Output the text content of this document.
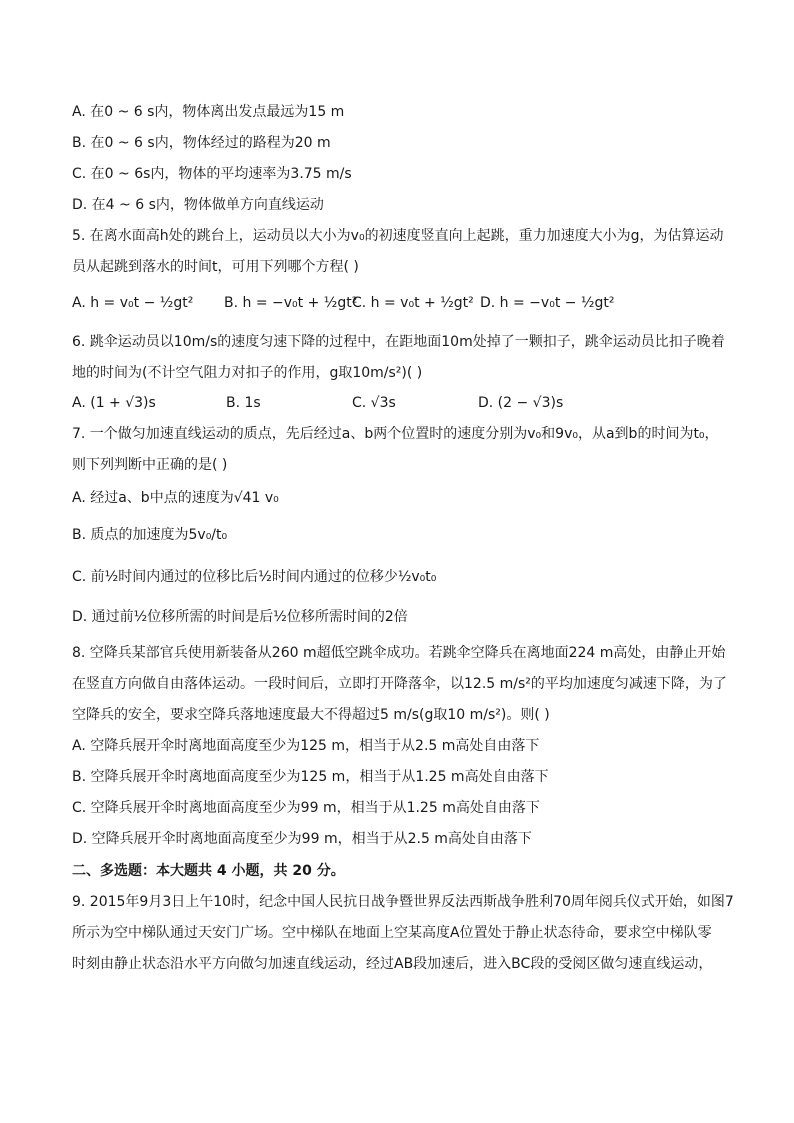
A. 在0 ~ 6 s内，物体离出发点最远为15 m
B. 在0 ~ 6 s内，物体经过的路程为20 m
C. 在0 ~ 6s内，物体的平均速率为3.75 m/s
D. 在4 ~ 6 s内，物体做单方向直线运动
5. 在离水面高h处的跳台上，运动员以大小为v₀的初速度竖直向上起跳，重力加速度大小为g，为估算运动
员从起跳到落水的时间t，可用下列哪个方程( )
A. h = v₀t − ½gt² B. h = −v₀t + ½gt²C. h = v₀t + ½gt² D. h = −v₀t − ½gt²
6. 跳伞运动员以10m/s的速度匀速下降的过程中，在距地面10m处掉了一颗扣子，跳伞运动员比扣子晚着
地的时间为(不计空气阻力对扣子的作用，g取10m/s²)( )
A. (1 + √3)s	B. 1s	C. √3s	D. (2 − √3)s
7. 一个做匀加速直线运动的质点，先后经过a、b两个位置时的速度分别为v₀和9v₀，从a到b的时间为t₀，
则下列判断中正确的是( )
A. 经过a、b中点的速度为√41 v₀
B. 质点的加速度为5v₀/t₀
C. 前½时间内通过的位移比后½时间内通过的位移少½v₀t₀
D. 通过前½位移所需的时间是后½位移所需时间的2倍
8. 空降兵某部官兵使用新装备从260 m超低空跳伞成功。若跳伞空降兵在离地面224 m高处，由静止开始
在竖直方向做自由落体运动。一段时间后，立即打开降落伞，以12.5 m/s²的平均加速度匀减速下降，为了
空降兵的安全，要求空降兵落地速度最大不得超过5 m/s(g取10 m/s²)。则( )
A. 空降兵展开伞时离地面高度至少为125 m，相当于从2.5 m高处自由落下
B. 空降兵展开伞时离地面高度至少为125 m，相当于从1.25 m高处自由落下
C. 空降兵展开伞时离地面高度至少为99 m，相当于从1.25 m高处自由落下
D. 空降兵展开伞时离地面高度至少为99 m，相当于从2.5 m高处自由落下
二、多选题：本大题共 4 小题，共 20 分。
9. 2015年9月3日上午10时，纪念中国人民抗日战争暨世界反法西斯战争胜利70周年阅兵仪式开始，如图7
所示为空中梯队通过天安门广场。空中梯队在地面上空某高度A位置处于静止状态待命，要求空中梯队零
时刻由静止状态沿水平方向做匀加速直线运动，经过AB段加速后，进入BC段的受阅区做匀速直线运动，
